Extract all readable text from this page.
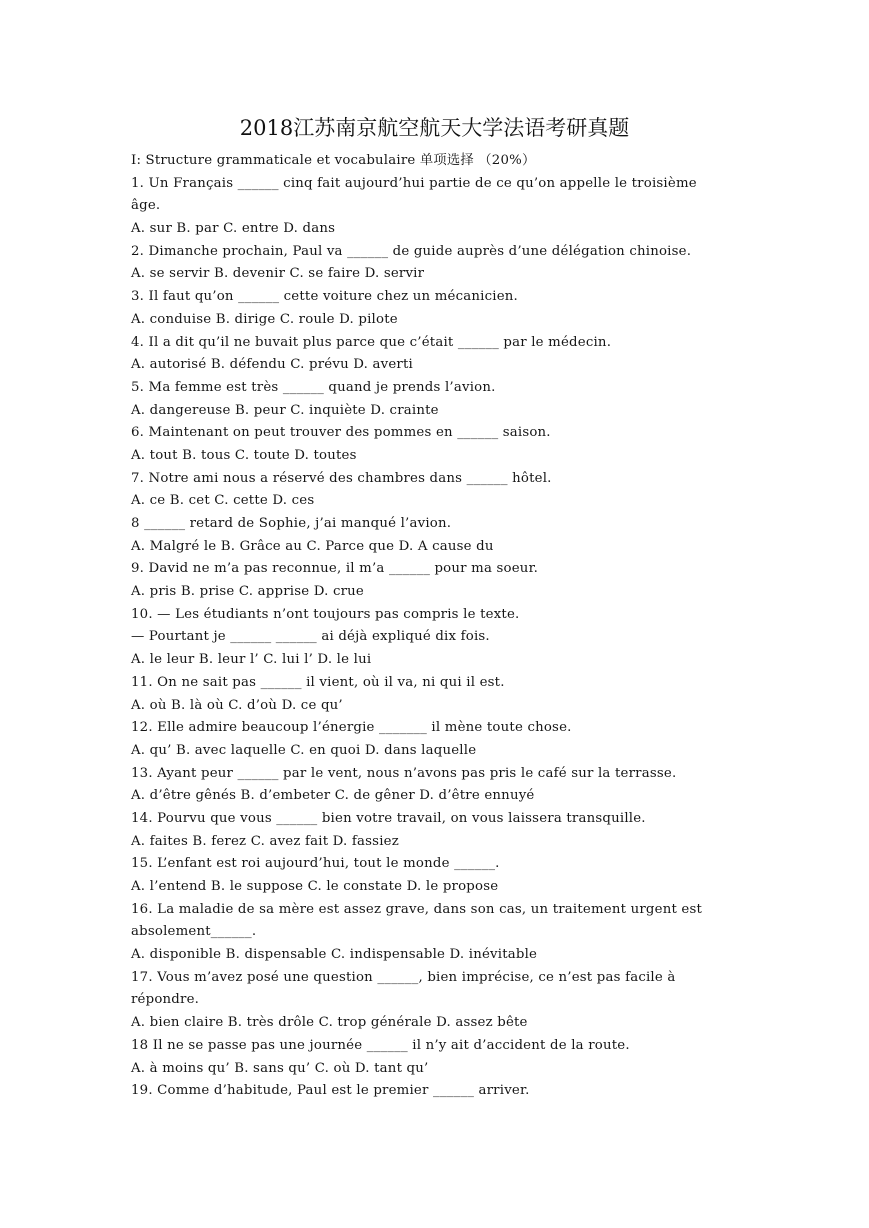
2018江苏南京航空航天大学法语考研真题
I: Structure grammaticale et vocabulaire 单项选择 （20%）
1. Un Français ______ cinq fait aujourd’hui partie de ce qu’on appelle le troisième
âge.
A. sur B. par C. entre D. dans
2. Dimanche prochain, Paul va ______ de guide auprès d’une délégation chinoise.
A. se servir B. devenir C. se faire D. servir
3. Il faut qu’on ______ cette voiture chez un mécanicien.
A. conduise B. dirige C. roule D. pilote
4. Il a dit qu’il ne buvait plus parce que c’était ______ par le médecin.
A. autorisé B. défendu C. prévu D. averti
5. Ma femme est très ______ quand je prends l’avion.
A. dangereuse B. peur C. inquiète D. crainte
6. Maintenant on peut trouver des pommes en ______ saison.
A. tout B. tous C. toute D. toutes
7. Notre ami nous a réservé des chambres dans ______ hôtel.
A. ce B. cet C. cette D. ces
8 ______ retard de Sophie, j’ai manqué l’avion.
A. Malgré le B. Grâce au C. Parce que D. A cause du
9. David ne m’a pas reconnue, il m’a ______ pour ma soeur.
A. pris B. prise C. apprise D. crue
10. — Les étudiants n’ont toujours pas compris le texte.
— Pourtant je ______ ______ ai déjà expliqué dix fois.
A. le leur B. leur l’ C. lui l’ D. le lui
11. On ne sait pas ______ il vient, où il va, ni qui il est.
A. où B. là où C. d’où D. ce qu’
12. Elle admire beaucoup l’énergie _______ il mène toute chose.
A. qu’ B. avec laquelle C. en quoi D. dans laquelle
13. Ayant peur ______ par le vent, nous n’avons pas pris le café sur la terrasse.
A. d’être gênés B. d’embeter C. de gêner D. d’être ennuyé
14. Pourvu que vous ______ bien votre travail, on vous laissera transquille.
A. faites B. ferez C. avez fait D. fassiez
15. L’enfant est roi aujourd’hui, tout le monde ______.
A. l’entend B. le suppose C. le constate D. le propose
16. La maladie de sa mère est assez grave, dans son cas, un traitement urgent est
absolement______.
A. disponible B. dispensable C. indispensable D. inévitable
17. Vous m’avez posé une question ______, bien imprécise, ce n’est pas facile à
répondre.
A. bien claire B. très drôle C. trop générale D. assez bête
18 Il ne se passe pas une journée ______ il n’y ait d’accident de la route.
A. à moins qu’ B. sans qu’ C. où D. tant qu’
19. Comme d’habitude, Paul est le premier ______ arriver.
